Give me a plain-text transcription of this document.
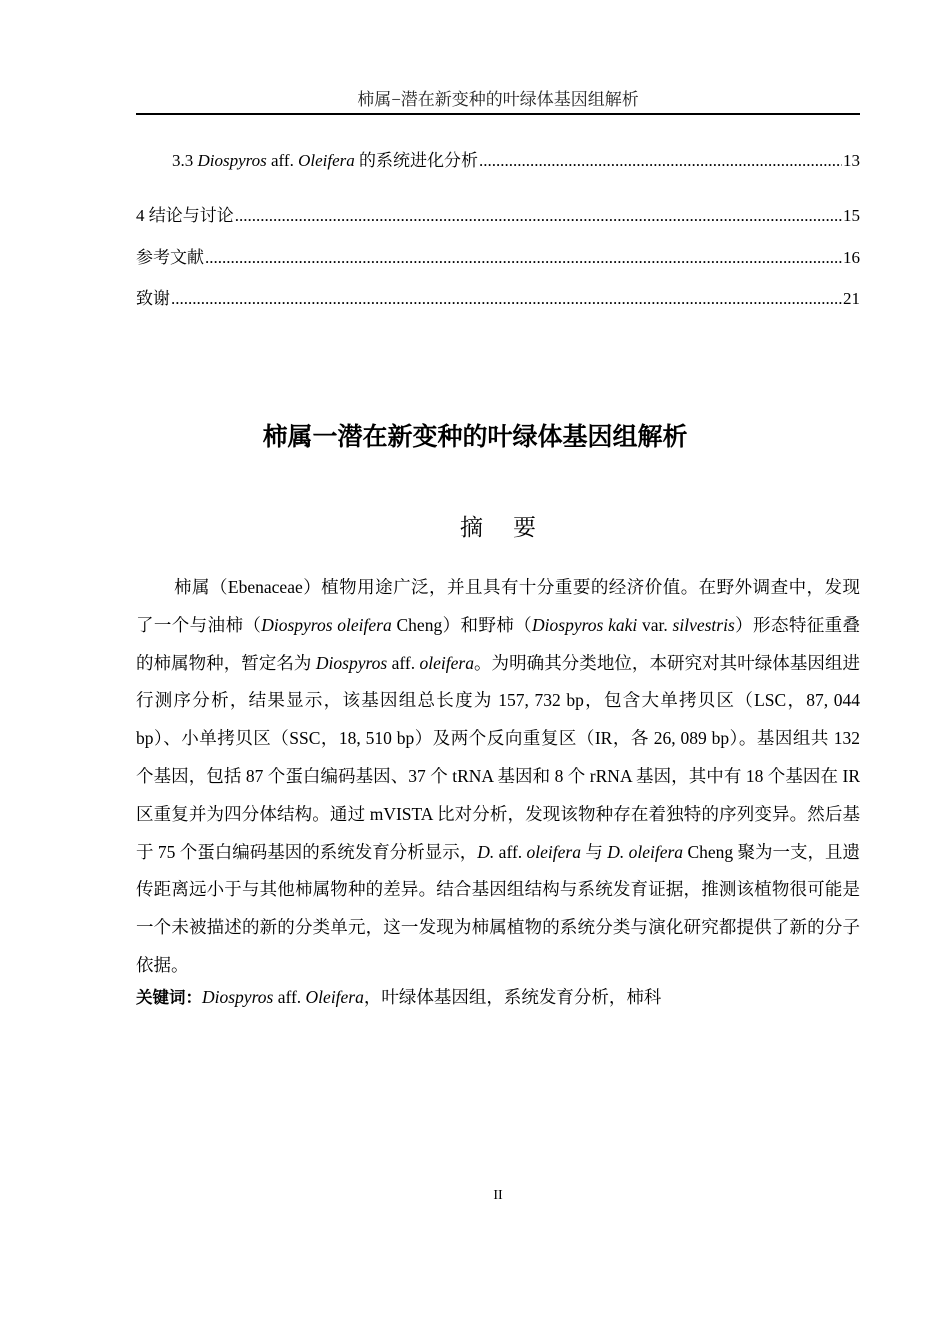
柿属−潜在新变种的叶绿体基因组解析
3.3 Diospyros aff. Oleifera 的系统进化分析 .....	13
4 结论与讨论 .....	15
参考文献 .....	16
致谢 .....	21
柿属一潜在新变种的叶绿体基因组解析
摘 要

柿属（Ebenaceae）植物用途广泛，并且具有十分重要的经济价值。在野外调查中，发现了一个与油柿（Diospyros oleifera Cheng）和野柿（Diospyros kaki var. silvestris）形态特征重叠的柿属物种，暂定名为 Diospyros aff. oleifera。为明确其分类地位，本研究对其叶绿体基因组进行测序分析，结果显示，该基因组总长度为 157, 732 bp，包含大单拷贝区（LSC，87, 044 bp）、小单拷贝区（SSC，18, 510 bp）及两个反向重复区（IR，各 26, 089 bp）。基因组共 132 个基因，包括 87 个蛋白编码基因、37 个 tRNA 基因和 8 个 rRNA 基因，其中有 18 个基因在 IR 区重复并为四分体结构。通过 mVISTA 比对分析，发现该物种存在着独特的序列变异。然后基于 75 个蛋白编码基因的系统发育分析显示，D. aff. oleifera 与 D. oleifera Cheng 聚为一支，且遗传距离远小于与其他柿属物种的差异。结合基因组结构与系统发育证据，推测该植物很可能是一个未被描述的新的分类单元，这一发现为柿属植物的系统分类与演化研究都提供了新的分子依据。

关键词：Diospyros aff. Oleifera，叶绿体基因组，系统发育分析，柿科
II
